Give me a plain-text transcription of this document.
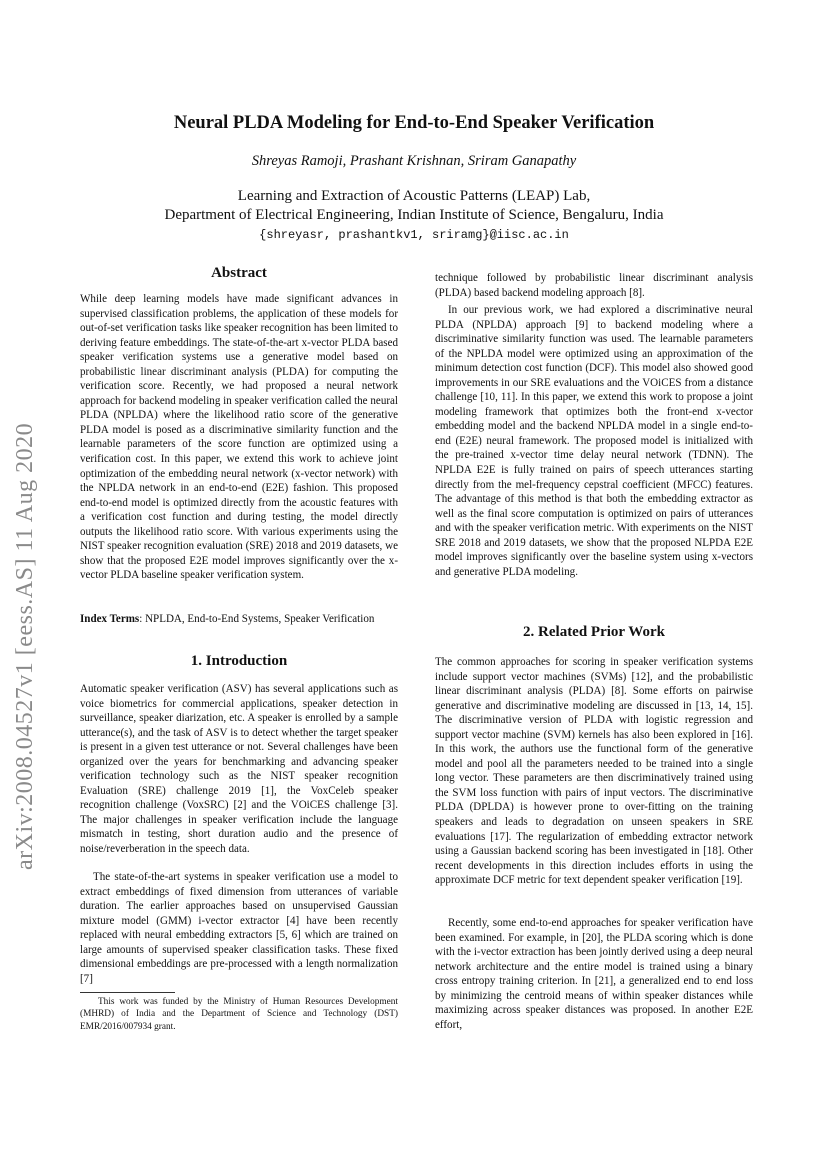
arXiv:2008.04527v1 [eess.AS] 11 Aug 2020
Neural PLDA Modeling for End-to-End Speaker Verification
Shreyas Ramoji, Prashant Krishnan, Sriram Ganapathy
Learning and Extraction of Acoustic Patterns (LEAP) Lab,
Department of Electrical Engineering, Indian Institute of Science, Bengaluru, India
{shreyasr, prashantkv1, sriramg}@iisc.ac.in
Abstract

While deep learning models have made significant advances in supervised classification problems, the application of these models for out-of-set verification tasks like speaker recognition has been limited to deriving feature embeddings. The state-of-the-art x-vector PLDA based speaker verification systems use a generative model based on probabilistic linear discriminant analysis (PLDA) for computing the verification score. Recently, we had proposed a neural network approach for backend modeling in speaker verification called the neural PLDA (NPLDA) where the likelihood ratio score of the generative PLDA model is posed as a discriminative similarity function and the learnable parameters of the score function are optimized using a verification cost. In this paper, we extend this work to achieve joint optimization of the embedding neural network (x-vector network) with the NPLDA network in an end-to-end (E2E) fashion. This proposed end-to-end model is optimized directly from the acoustic features with a verification cost function and during testing, the model directly outputs the likelihood ratio score. With various experiments using the NIST speaker recognition evaluation (SRE) 2018 and 2019 datasets, we show that the proposed E2E model improves significantly over the x-vector PLDA baseline speaker verification system.

Index Terms: NPLDA, End-to-End Systems, Speaker Verification

1. Introduction

Automatic speaker verification (ASV) has several applications such as voice biometrics for commercial applications, speaker detection in surveillance, speaker diarization, etc. A speaker is enrolled by a sample utterance(s), and the task of ASV is to detect whether the target speaker is present in a given test utterance or not. Several challenges have been organized over the years for benchmarking and advancing speaker verification technology such as the NIST speaker recognition Evaluation (SRE) challenge 2019 [1], the VoxCeleb speaker recognition challenge (VoxSRC) [2] and the VOiCES challenge [3]. The major challenges in speaker verification include the language mismatch in testing, short duration audio and the presence of noise/reverberation in the speech data.

The state-of-the-art systems in speaker verification use a model to extract embeddings of fixed dimension from utterances of variable duration. The earlier approaches based on unsupervised Gaussian mixture model (GMM) i-vector extractor [4] have been recently replaced with neural embedding extractors [5, 6] which are trained on large amounts of supervised speaker classification tasks. These fixed dimensional embeddings are pre-processed with a length normalization [7]

This work was funded by the Ministry of Human Resources Development (MHRD) of India and the Department of Science and Technology (DST) EMR/2016/007934 grant.

technique followed by probabilistic linear discriminant analysis (PLDA) based backend modeling approach [8].

In our previous work, we had explored a discriminative neural PLDA (NPLDA) approach [9] to backend modeling where a discriminative similarity function was used. The learnable parameters of the NPLDA model were optimized using an approximation of the minimum detection cost function (DCF). This model also showed good improvements in our SRE evaluations and the VOiCES from a distance challenge [10, 11]. In this paper, we extend this work to propose a joint modeling framework that optimizes both the front-end x-vector embedding model and the backend NPLDA model in a single end-to-end (E2E) neural framework. The proposed model is initialized with the pre-trained x-vector time delay neural network (TDNN). The NPLDA E2E is fully trained on pairs of speech utterances starting directly from the mel-frequency cepstral coefficient (MFCC) features. The advantage of this method is that both the embedding extractor as well as the final score computation is optimized on pairs of utterances and with the speaker verification metric. With experiments on the NIST SRE 2018 and 2019 datasets, we show that the proposed NLPDA E2E model improves significantly over the baseline system using x-vectors and generative PLDA modeling.

2. Related Prior Work

The common approaches for scoring in speaker verification systems include support vector machines (SVMs) [12], and the probabilistic linear discriminant analysis (PLDA) [8]. Some efforts on pairwise generative and discriminative modeling are discussed in [13, 14, 15]. The discriminative version of PLDA with logistic regression and support vector machine (SVM) kernels has also been explored in [16]. In this work, the authors use the functional form of the generative model and pool all the parameters needed to be trained into a single long vector. These parameters are then discriminatively trained using the SVM loss function with pairs of input vectors. The discriminative PLDA (DPLDA) is however prone to over-fitting on the training speakers and leads to degradation on unseen speakers in SRE evaluations [17]. The regularization of embedding extractor network using a Gaussian backend scoring has been investigated in [18]. Other recent developments in this direction includes efforts in using the approximate DCF metric for text dependent speaker verification [19].

Recently, some end-to-end approaches for speaker verification have been examined. For example, in [20], the PLDA scoring which is done with the i-vector extraction has been jointly derived using a deep neural network architecture and the entire model is trained using a binary cross entropy training criterion. In [21], a generalized end to end loss by minimizing the centroid means of within speaker distances while maximizing across speaker distances was proposed. In another E2E effort,
